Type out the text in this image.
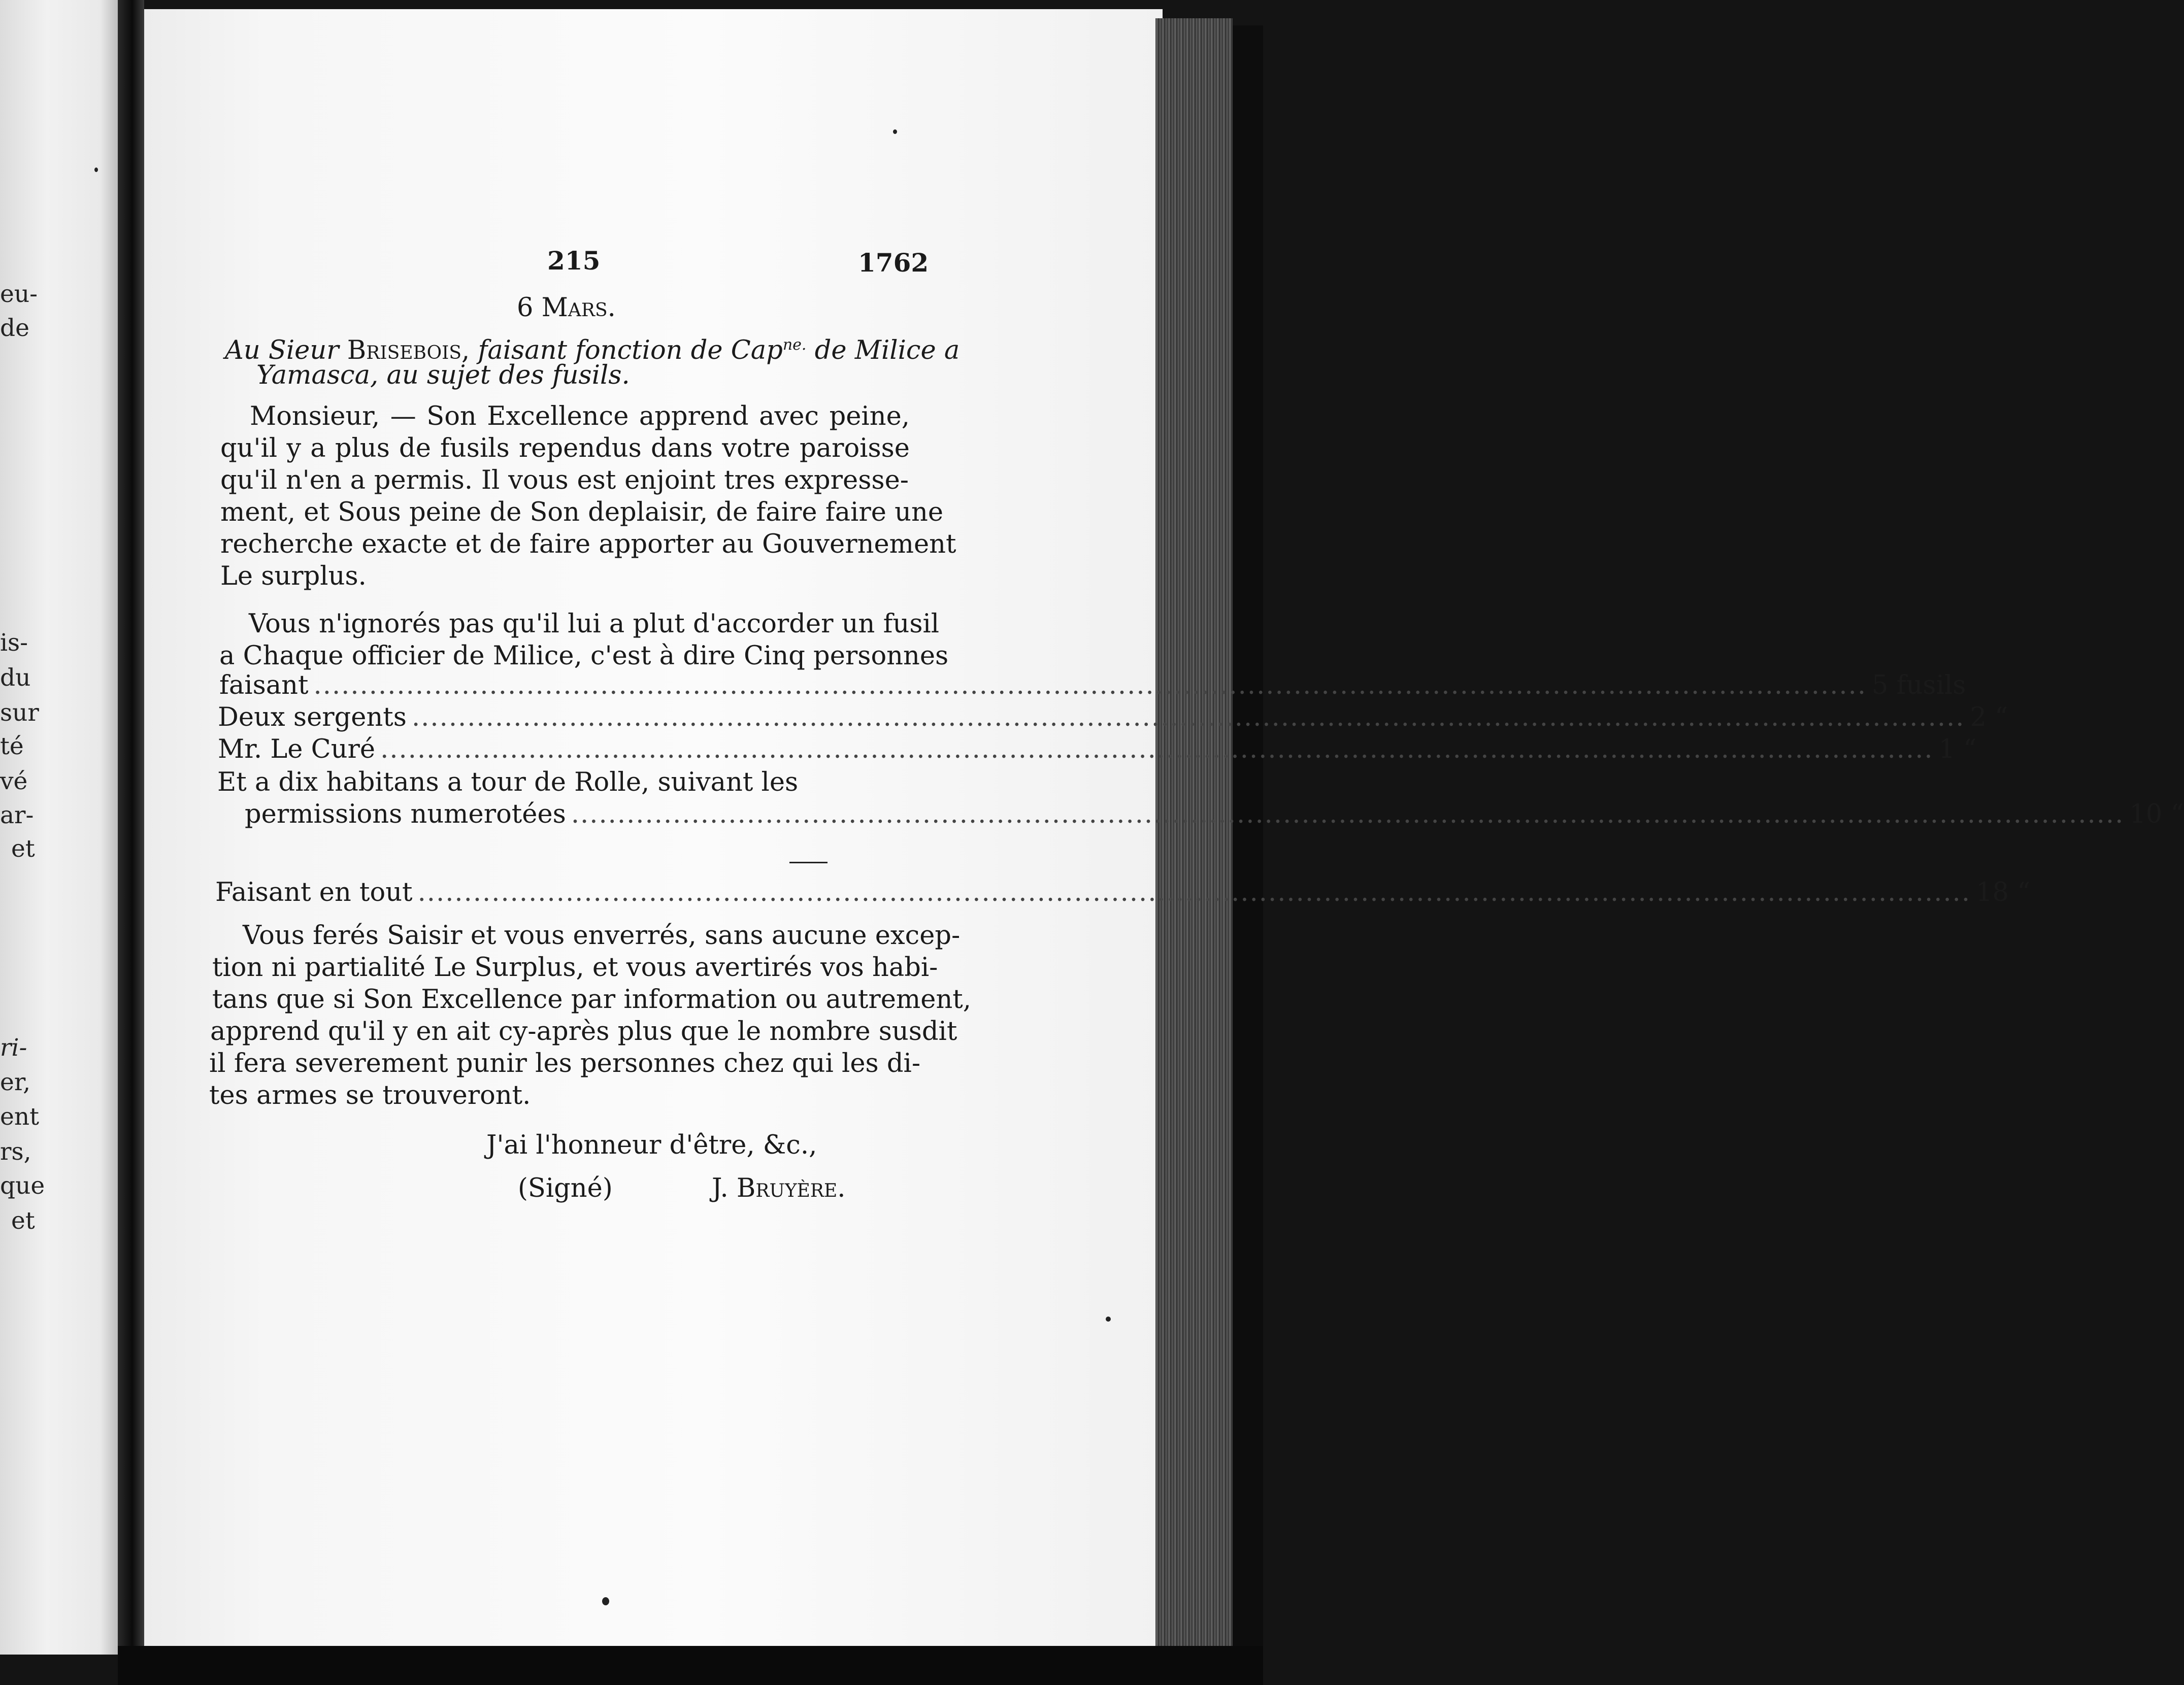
eu-
de
is-
du
sur
té
vé
ar-
et
ri-
er,
ent
rs,
que
et
215	1762
6 Mars.
Au Sieur Brisebois, faisant fonction de Cap$^{ne.}$ de Milice a
Yamasca, au sujet des fusils.
Monsieur, — Son Excellence apprend avec peine,
qu'il y a plus de fusils rependus dans votre paroisse
qu'il n'en a permis. Il vous est enjoint tres expresse-
ment, et Sous peine de Son deplaisir, de faire faire une
recherche exacte et de faire apporter au Gouvernement
Le surplus.
Vous n'ignorés pas qu'il lui a plut d'accorder un fusil
a Chaque officier de Milice, c'est à dire Cinq personnes
faisant ........................................................................................................................................................................ 5 fusils
Deux sergents ........................................................................................................................................................................ 2 “
Mr. Le Curé ........................................................................................................................................................................ 1 “
Et a dix habitans a tour de Rolle, suivant les
permissions numerotées ........................................................................................................................................................................ 10 “
Faisant en tout ........................................................................................................................................................................ 18 “
Vous ferés Saisir et vous enverrés, sans aucune excep-
tion ni partialité Le Surplus, et vous avertirés vos habi-
tans que si Son Excellence par information ou autrement,
apprend qu'il y en ait cy-après plus que le nombre susdit
il fera severement punir les personnes chez qui les di-
tes armes se trouveront.
J'ai l'honneur d'être, &c.,
(Signé)	J. Bruyère.
